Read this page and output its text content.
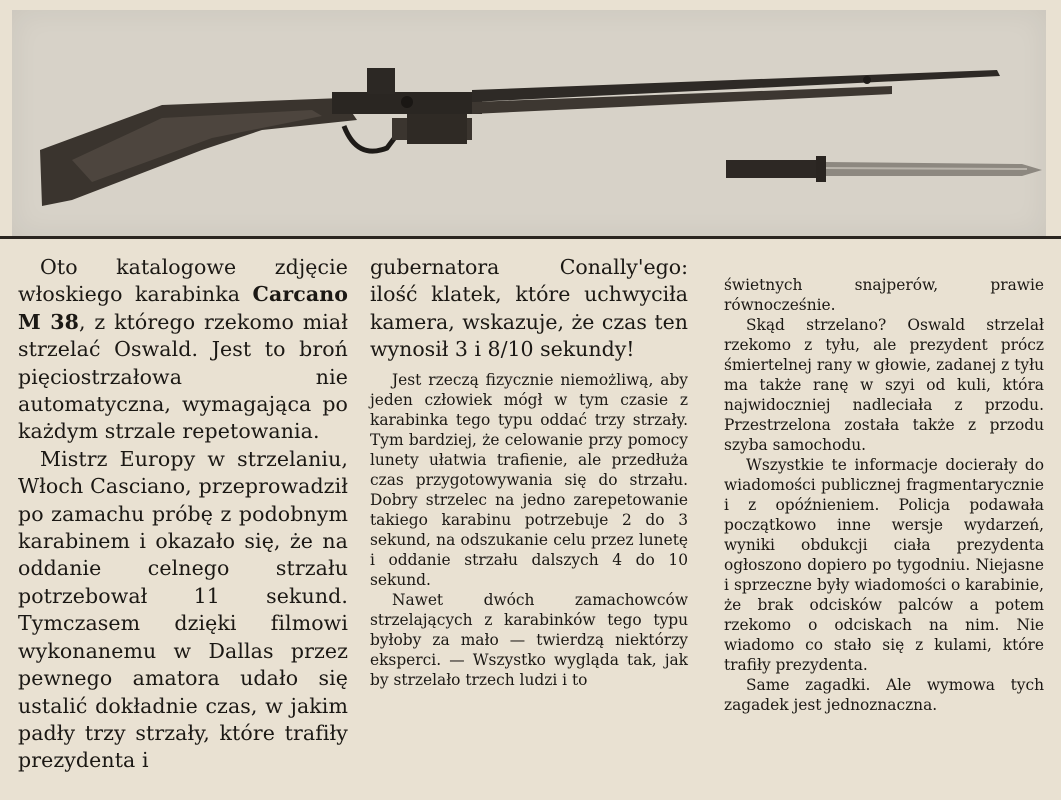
Oto katalogowe zdjęcie włoskiego karabinka Carcano M 38, z którego rzekomo miał strzelać Oswald. Jest to broń pięciostrzałowa nie automatyczna, wymagająca po każdym strzale repetowania.

Mistrz Europy w strzelaniu, Włoch Casciano, przeprowadził po zamachu próbę z podobnym karabinem i okazało się, że na oddanie celnego strzału potrzebował 11 sekund. Tymczasem dzięki filmowi wykonanemu w Dallas przez pewnego amatora udało się ustalić dokładnie czas, w jakim padły trzy strzały, które trafiły prezydenta i

gubernatora Conally'ego: ilość klatek, które uchwyciła kamera, wskazuje, że czas ten wynosił 3 i 8/10 sekundy!

Jest rzeczą fizycznie niemożliwą, aby jeden człowiek mógł w tym czasie z karabinka tego typu oddać trzy strzały. Tym bardziej, że celowanie przy pomocy lunety ułatwia trafienie, ale przedłuża czas przygotowywania się do strzału. Dobry strzelec na jedno zarepetowanie takiego karabinu potrzebuje 2 do 3 sekund, na odszukanie celu przez lunetę i oddanie strzału dalszych 4 do 10 sekund.

Nawet dwóch zamachowców strzelających z karabinków tego typu byłoby za mało — twierdzą niektórzy eksperci. — Wszystko wygląda tak, jak by strzelało trzech ludzi i to

świetnych snajperów, prawie równocześnie.

Skąd strzelano? Oswald strzelał rzekomo z tyłu, ale prezydent prócz śmiertelnej rany w głowie, zadanej z tyłu ma także ranę w szyi od kuli, która najwidoczniej nadleciała z przodu. Przestrzelona została także z przodu szyba samochodu.

Wszystkie te informacje docierały do wiadomości publicznej fragmentarycznie i z opóźnieniem. Policja podawała początkowo inne wersje wydarzeń, wyniki obdukcji ciała prezydenta ogłoszono dopiero po tygodniu. Niejasne i sprzeczne były wiadomości o karabinie, że brak odcisków palców a potem rzekomo o odciskach na nim. Nie wiadomo co stało się z kulami, które trafiły prezydenta.

Same zagadki. Ale wymowa tych zagadek jest jednoznaczna.
